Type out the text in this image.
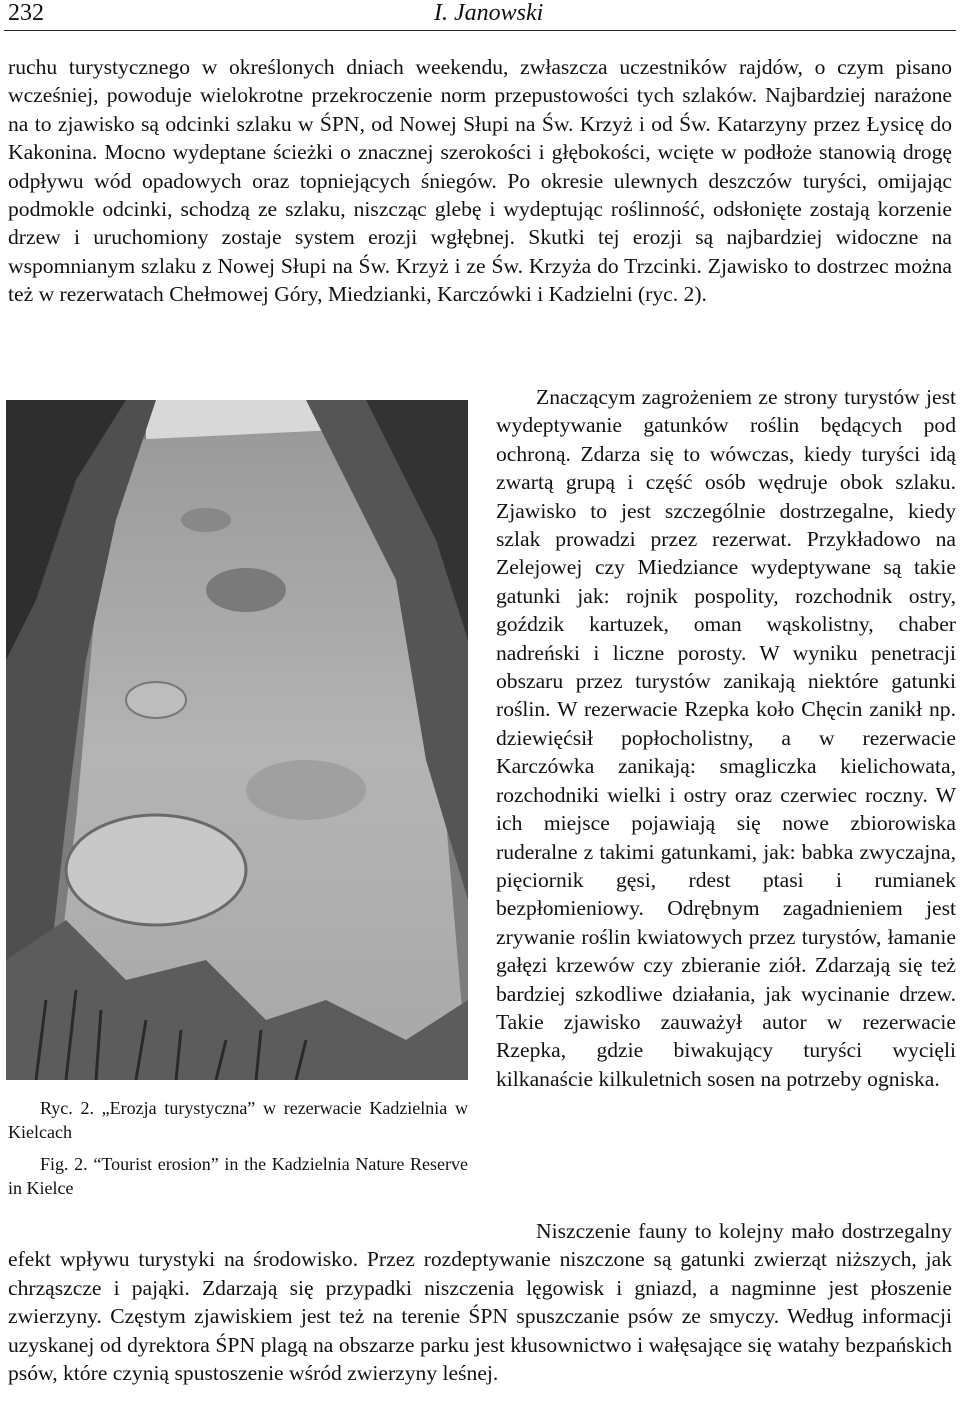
232	I. Janowski

ruchu turystycznego w określonych dniach weekendu, zwłaszcza uczestników rajdów, o czym pisano wcześniej, powoduje wielokrotne przekroczenie norm przepustowości tych szlaków. Najbardziej narażone na to zjawisko są odcinki szlaku w ŚPN, od Nowej Słupi na Św. Krzyż i od Św. Katarzyny przez Łysicę do Kakonina. Mocno wydeptane ścieżki o znacznej szerokości i głębokości, wcięte w podłoże stanowią drogę odpływu wód opadowych oraz topniejących śniegów. Po okresie ulewnych deszczów turyści, omijając podmokle odcinki, schodzą ze szlaku, niszcząc glebę i wydeptując roślinność, odsłonięte zostają korzenie drzew i uruchomiony zostaje system erozji wgłębnej. Skutki tej erozji są najbardziej widoczne na wspomnianym szlaku z Nowej Słupi na Św. Krzyż i ze Św. Krzyża do Trzcinki. Zjawisko to dostrzec można też w rezerwatach Chełmowej Góry, Miedzianki, Karczówki i Kadzielni (ryc. 2).

Znaczącym zagrożeniem ze strony turystów jest wydeptywanie gatunków roślin będących pod ochroną. Zdarza się to wówczas, kiedy turyści idą zwartą grupą i część osób wędruje obok szlaku. Zjawisko to jest szczególnie dostrzegalne, kiedy szlak prowadzi przez rezerwat. Przykładowo na Zelejowej czy Miedziance wydeptywane są takie gatunki jak: rojnik pospolity, rozchodnik ostry, goździk kartuzek, oman wąskolistny, chaber nadreński i liczne porosty. W wyniku penetracji obszaru przez turystów zanikają niektóre gatunki roślin. W rezerwacie Rzepka koło Chęcin zanikł np. dziewięćsił popłocholistny, a w rezerwacie Karczówka zanikają: smagliczka kielichowata, rozchodniki wielki i ostry oraz czerwiec roczny. W ich miejsce pojawiają się nowe zbiorowiska ruderalne z takimi gatunkami, jak: babka zwyczajna, pięciornik gęsi, rdest ptasi i rumianek bezpłomieniowy. Odrębnym zagadnieniem jest zrywanie roślin kwiatowych przez turystów, łamanie gałęzi krzewów czy zbieranie ziół. Zdarzają się też bardziej szkodliwe działania, jak wycinanie drzew. Takie zjawisko zauważył autor w rezerwacie Rzepka, gdzie biwakujący turyści wycięli kilkanaście kilkuletnich sosen na potrzeby ogniska.

Ryc. 2. „Erozja turystyczna” w rezerwacie Kadzielnia w Kielcach

Fig. 2. “Tourist erosion” in the Kadzielnia Nature Reserve in Kielce

Niszczenie fauny to kolejny mało dostrzegalny efekt wpływu turystyki na środowisko. Przez rozdeptywanie niszczone są gatunki zwierząt niższych, jak chrząszcze i pająki. Zdarzają się przypadki niszczenia lęgowisk i gniazd, a nagminne jest płoszenie zwierzyny. Częstym zjawiskiem jest też na terenie ŚPN spuszczanie psów ze smyczy. Według informacji uzyskanej od dyrektora ŚPN plagą na obszarze parku jest kłusownictwo i wałęsające się watahy bezpańskich psów, które czynią spustoszenie wśród zwierzyny leśnej.
